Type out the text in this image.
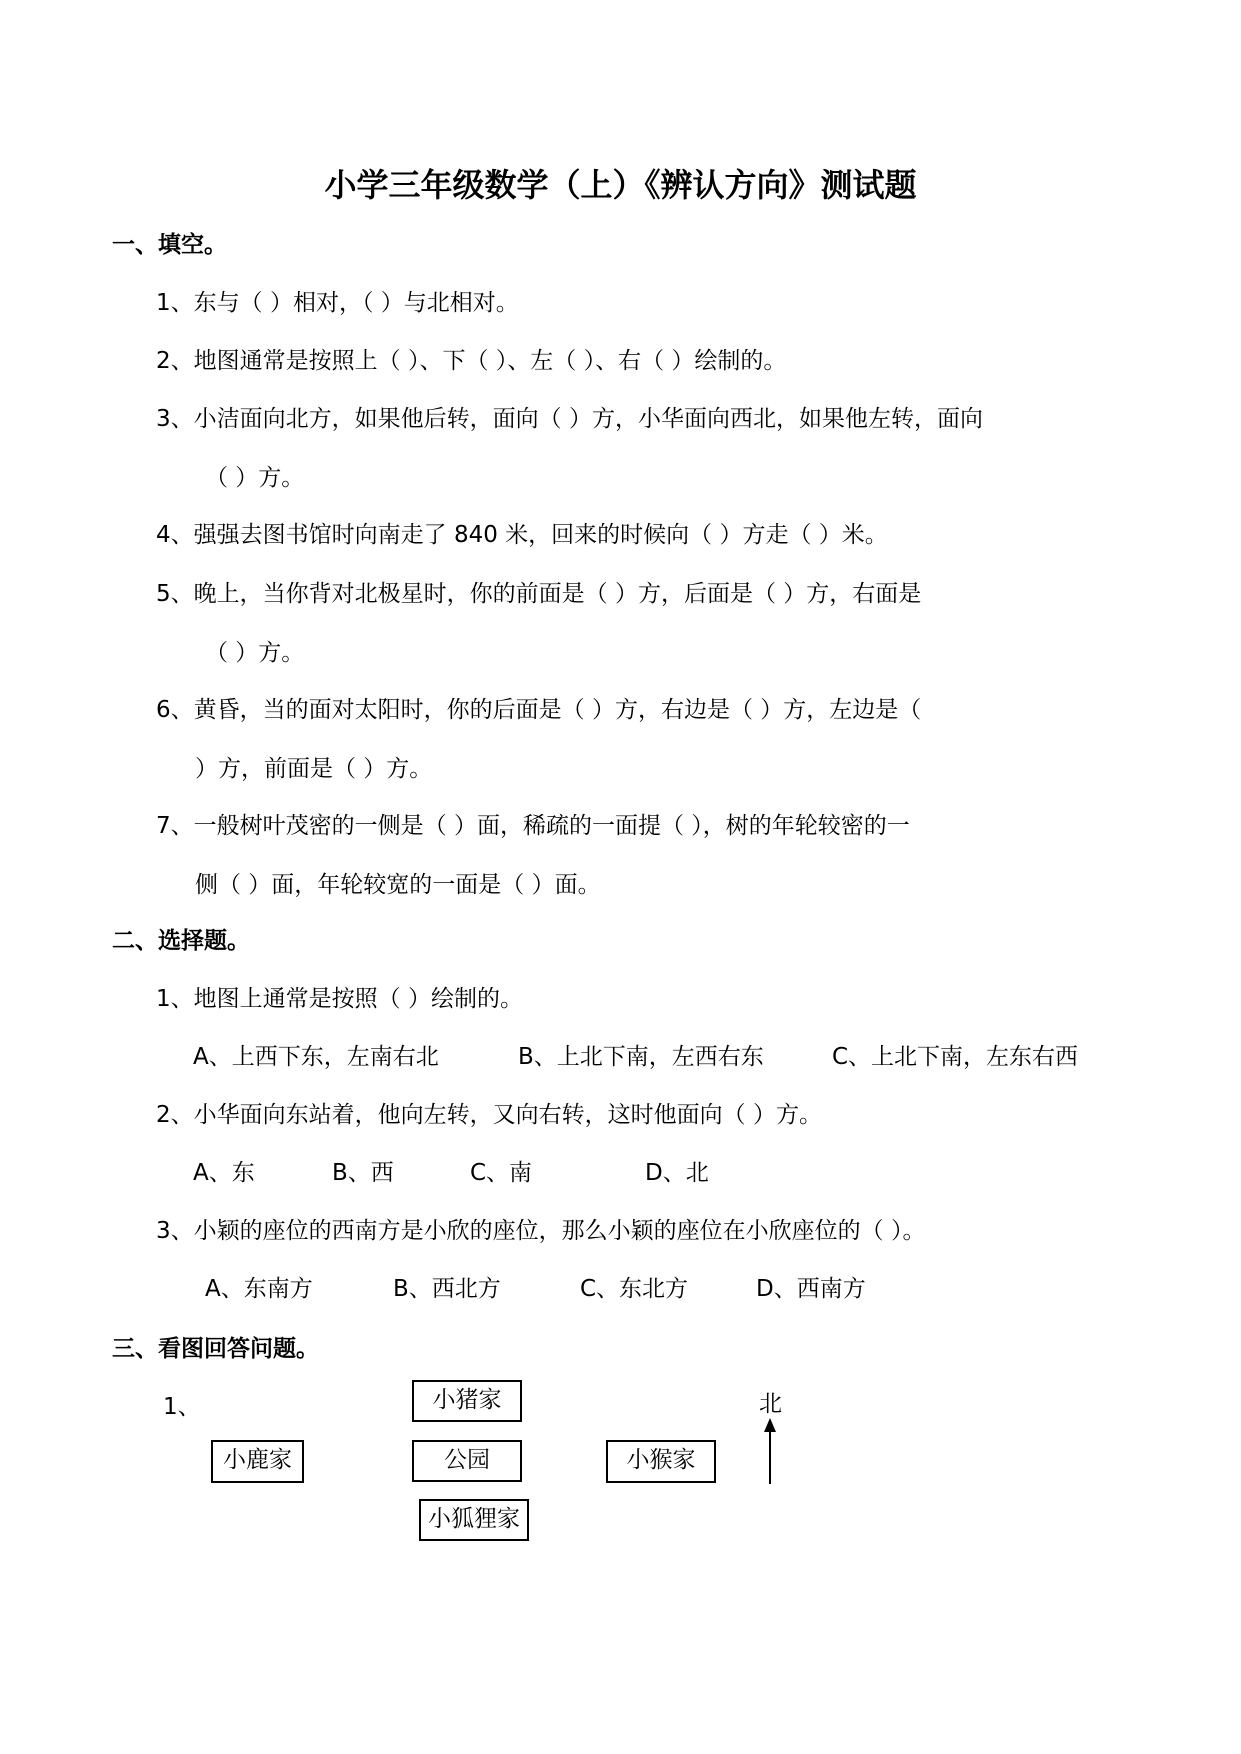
小学三年级数学（上）《辨认方向》测试题
一、填空。
1、东与（ ）相对，（ ）与北相对。
2、地图通常是按照上（ ）、下（ ）、左（ ）、右（ ）绘制的。
3、小洁面向北方，如果他后转，面向（ ）方，小华面向西北，如果他左转，面向
（ ）方。
4、强强去图书馆时向南走了 840 米，回来的时候向（ ）方走（ ）米。
5、晚上，当你背对北极星时，你的前面是（ ）方，后面是（ ）方，右面是
（ ）方。
6、黄昏，当的面对太阳时，你的后面是（ ）方，右边是（ ）方，左边是（
）方，前面是（ ）方。
7、一般树叶茂密的一侧是（ ）面，稀疏的一面提（ ），树的年轮较密的一
侧（ ）面，年轮较宽的一面是（ ）面。
二、选择题。
1、地图上通常是按照（ ）绘制的。
A、上西下东，左南右北	B、上北下南，左西右东	C、上北下南，左东右西
2、小华面向东站着，他向左转，又向右转，这时他面向（ ）方。
A、东	B、西	C、南	D、北
3、小颖的座位的西南方是小欣的座位，那么小颖的座位在小欣座位的（ ）。
A、东南方	B、西北方	C、东北方	D、西南方
三、看图回答问题。
1、	小猪家
小鹿家	公园	小猴家
小狐狸家
北
